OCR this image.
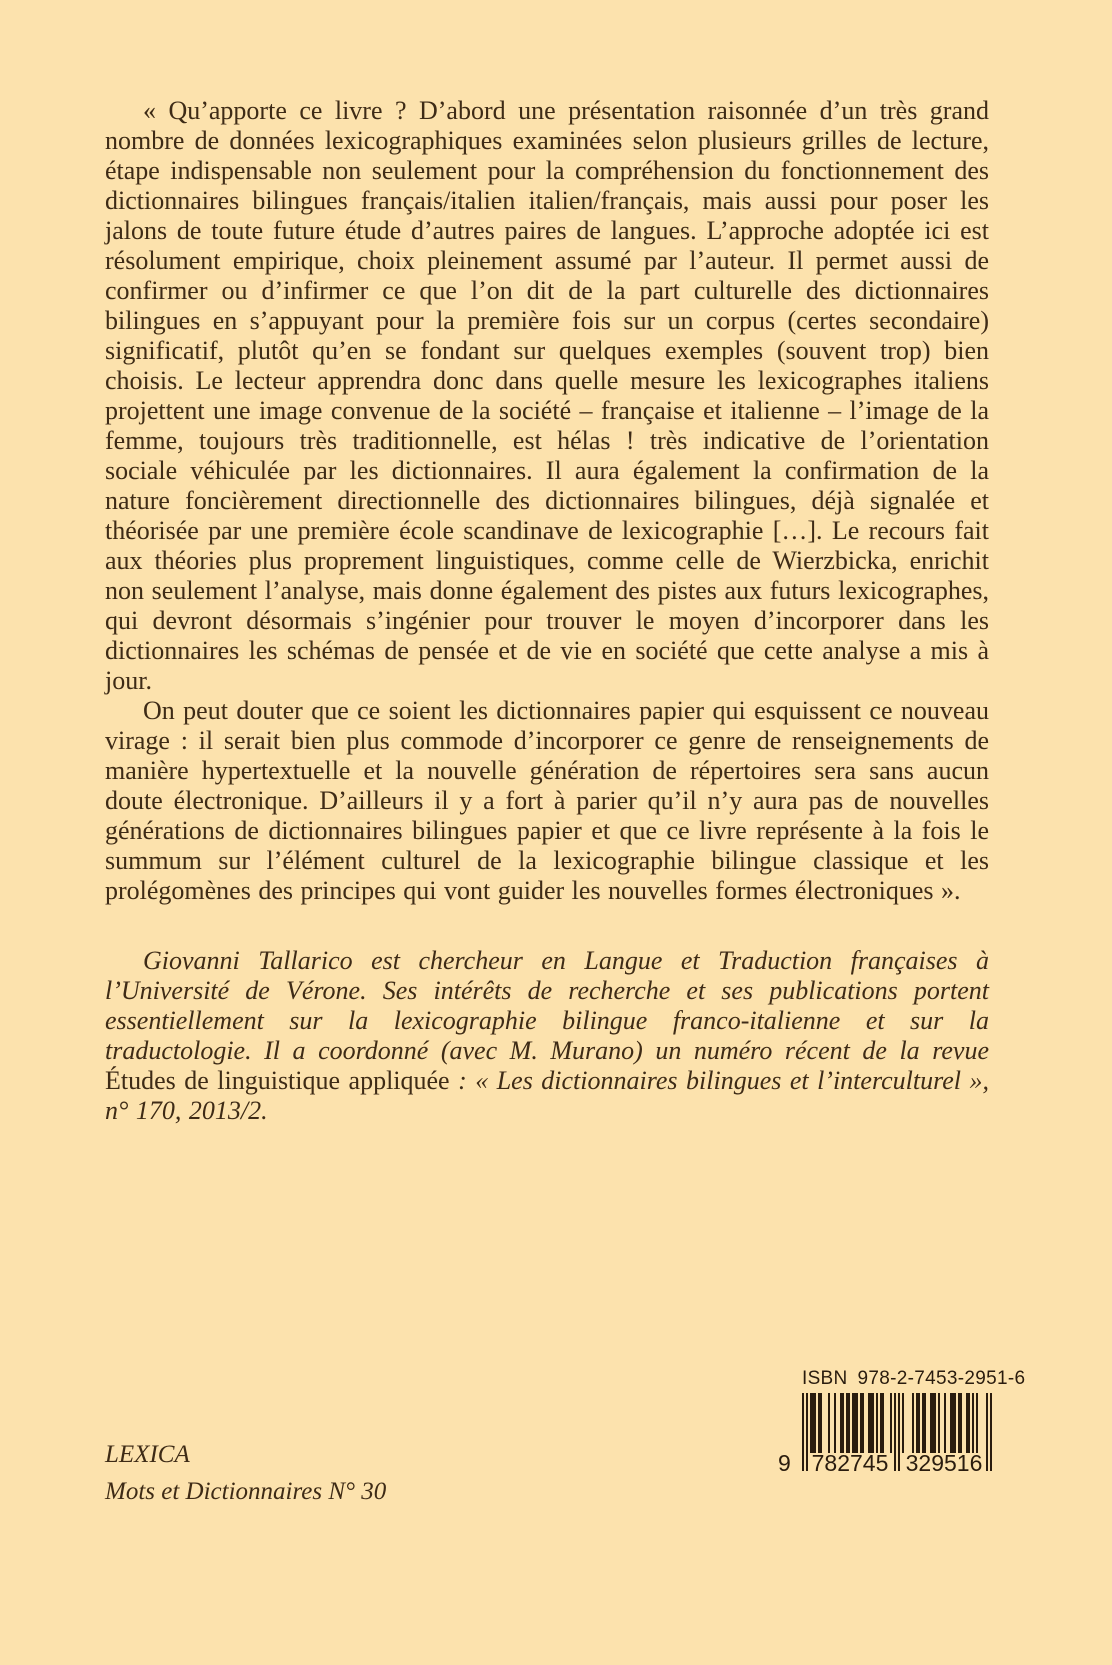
« Qu’apporte ce livre ? D’abord une présentation raisonnée d’un très grand nombre de données lexicographiques examinées selon plusieurs grilles de lecture, étape indispensable non seulement pour la compréhension du fonctionnement des dictionnaires bilingues français/italien italien/français, mais aussi pour poser les jalons de toute future étude d’autres paires de langues. L’approche adoptée ici est résolument empirique, choix pleinement assumé par l’auteur. Il permet aussi de confirmer ou d’infirmer ce que l’on dit de la part culturelle des dictionnaires bilingues en s’appuyant pour la première fois sur un corpus (certes secondaire) significatif, plutôt qu’en se fondant sur quelques exemples (souvent trop) bien choisis. Le lecteur apprendra donc dans quelle mesure les lexicographes italiens projettent une image convenue de la société – française et italienne – l’image de la femme, toujours très traditionnelle, est hélas ! très indicative de l’orientation sociale véhiculée par les dictionnaires. Il aura également la confirmation de la nature foncièrement directionnelle des dictionnaires bilingues, déjà signalée et théorisée par une première école scandinave de lexicographie […]. Le recours fait aux théories plus proprement linguistiques, comme celle de Wierzbicka, enrichit non seulement l’analyse, mais donne également des pistes aux futurs lexicographes, qui devront désormais s’ingénier pour trouver le moyen d’incorporer dans les dictionnaires les schémas de pensée et de vie en société que cette analyse a mis à jour.

On peut douter que ce soient les dictionnaires papier qui esquissent ce nouveau virage : il serait bien plus commode d’incorporer ce genre de renseignements de manière hypertextuelle et la nouvelle génération de répertoires sera sans aucun doute électronique. D’ailleurs il y a fort à parier qu’il n’y aura pas de nouvelles générations de dictionnaires bilingues papier et que ce livre représente à la fois le summum sur l’élément culturel de la lexicographie bilingue classique et les prolégomènes des principes qui vont guider les nouvelles formes électroniques ».

Giovanni Tallarico est chercheur en Langue et Traduction françaises à l’Université de Vérone. Ses intérêts de recherche et ses publications portent essentiellement sur la lexicographie bilingue franco-italienne et sur la traductologie. Il a coordonné (avec M. Murano) un numéro récent de la revue Études de linguistique appliquée : « Les dictionnaires bilingues et l’interculturel », n° 170, 2013/2.

ISBN 978-2-7453-2951-6
9 782745 329516
LEXICA
Mots et Dictionnaires N° 30
